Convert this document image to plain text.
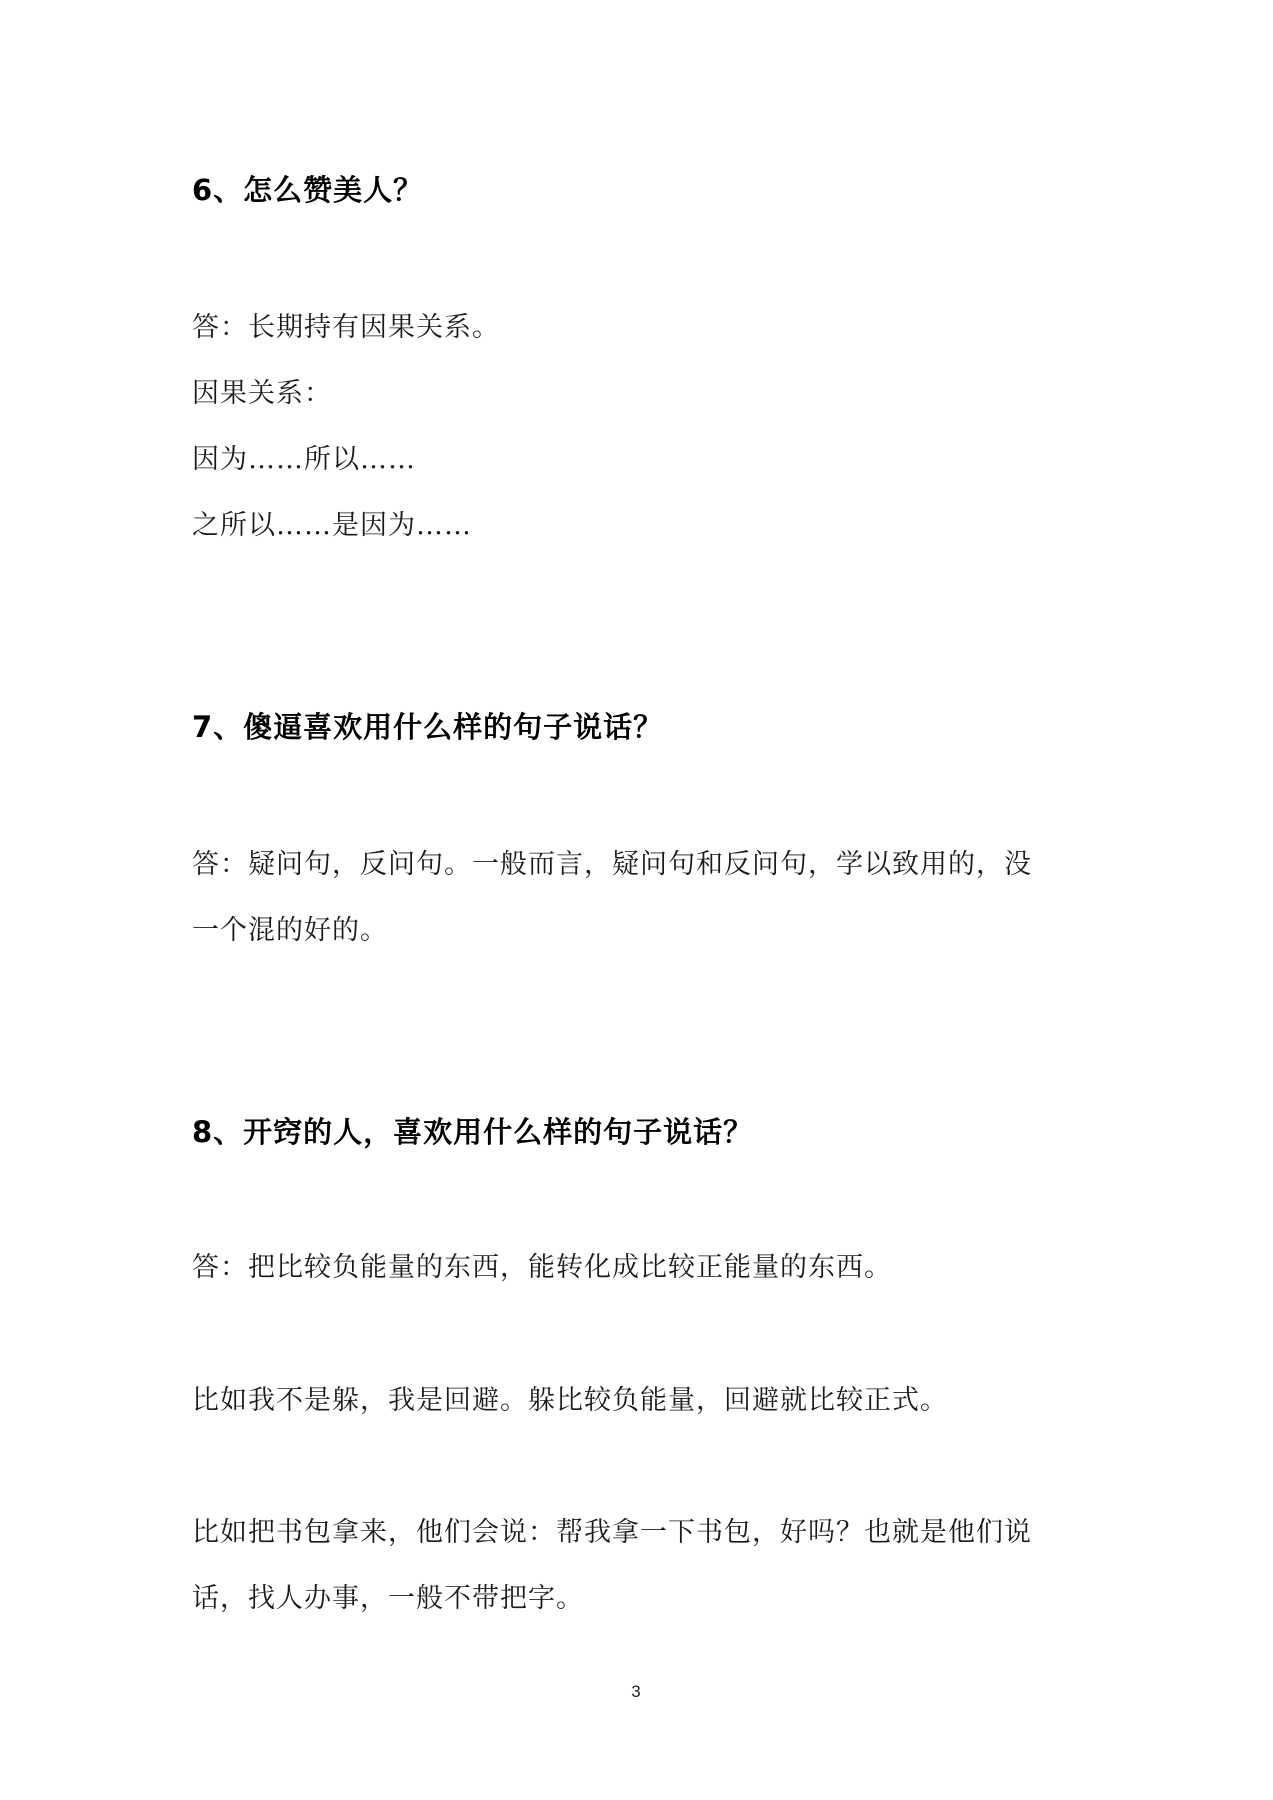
6、怎么赞美人？
答：长期持有因果关系。
因果关系：
因为……所以……
之所以……是因为……
7、傻逼喜欢用什么样的句子说话？
答：疑问句，反问句。一般而言，疑问句和反问句，学以致用的，没
一个混的好的。
8、开窍的人，喜欢用什么样的句子说话？
答：把比较负能量的东西，能转化成比较正能量的东西。
比如我不是躲，我是回避。躲比较负能量，回避就比较正式。
比如把书包拿来，他们会说：帮我拿一下书包，好吗？也就是他们说
话，找人办事，一般不带把字。
3
